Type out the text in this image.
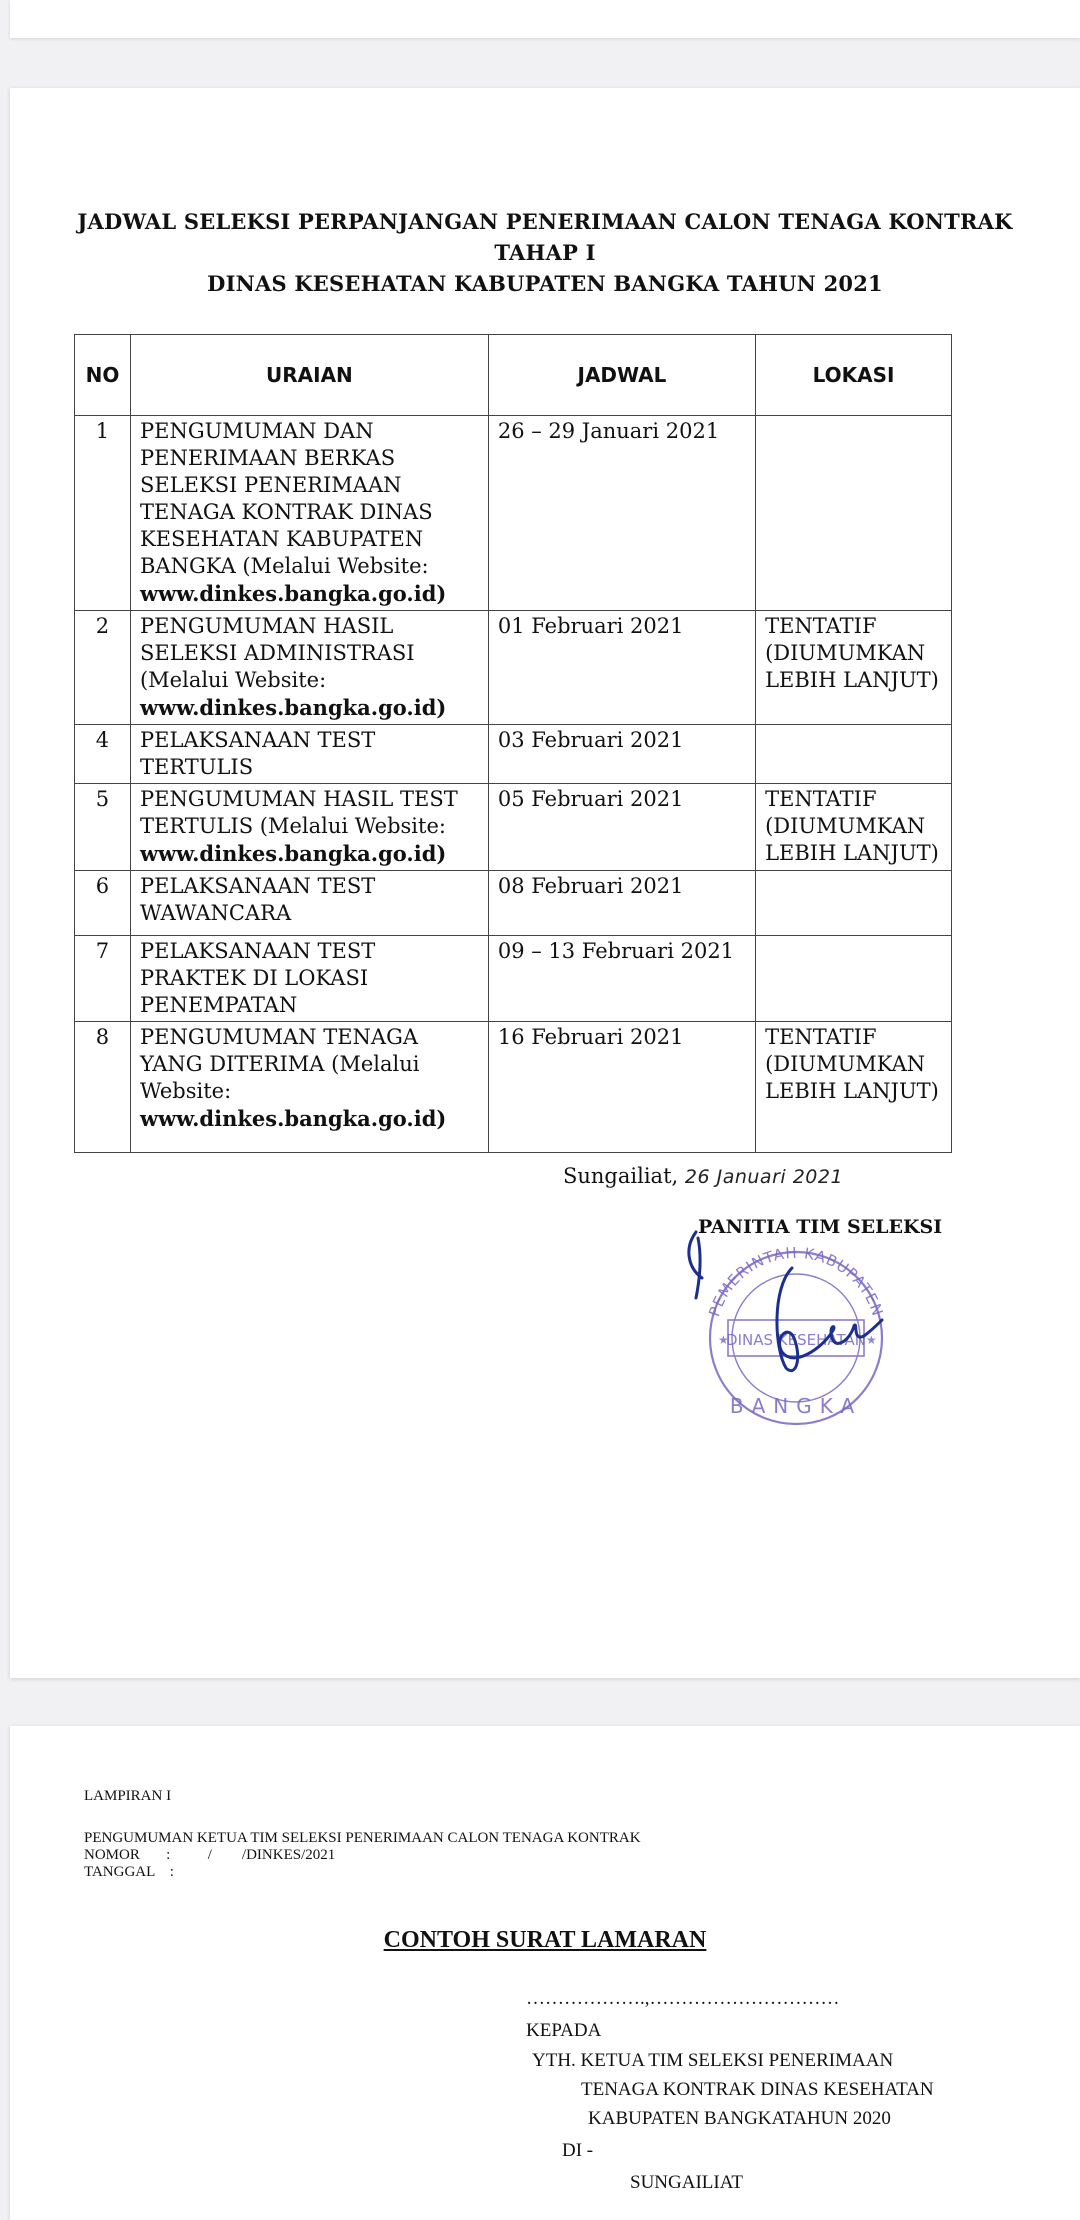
JADWAL SELEKSI PERPANJANGAN PENERIMAAN CALON TENAGA KONTRAK
TAHAP I
DINAS KESEHATAN KABUPATEN BANGKA TAHUN 2021
NO	URAIAN	JADWAL	LOKASI
1	PENGUMUMAN DAN PENERIMAAN BERKAS SELEKSI PENERIMAAN TENAGA KONTRAK DINAS KESEHATAN KABUPATEN BANGKA (Melalui Website:
www.dinkes.bangka.go.id)	26 – 29 Januari 2021	
2	PENGUMUMAN HASIL SELEKSI ADMINISTRASI (Melalui Website:
www.dinkes.bangka.go.id)	01 Februari 2021	TENTATIF (DIUMUMKAN LEBIH LANJUT)
4	PELAKSANAAN TEST TERTULIS	03 Februari 2021	
5	PENGUMUMAN HASIL TEST TERTULIS (Melalui Website:
www.dinkes.bangka.go.id)	05 Februari 2021	TENTATIF (DIUMUMKAN LEBIH LANJUT)
6	PELAKSANAAN TEST WAWANCARA	08 Februari 2021	
7	PELAKSANAAN TEST PRAKTEK DI LOKASI PENEMPATAN	09 – 13 Februari 2021	
8	PENGUMUMAN TENAGA YANG DITERIMA (Melalui Website:
www.dinkes.bangka.go.id)	16 Februari 2021	TENTATIF (DIUMUMKAN LEBIH LANJUT)
Sungailiat, 26 Januari 2021
PANITIA TIM SELEKSI
PEMERINTAH KABUPATEN
DINAS KESEHATAN
BANGKA
★	★
LAMPIRAN I
PENGUMUMAN KETUA TIM SELEKSI PENERIMAAN CALON TENAGA KONTRAK
NOMOR       :          /        /DINKES/2021
TANGGAL    :
CONTOH SURAT LAMARAN
……………….,…………………………
KEPADA
YTH. KETUA TIM SELEKSI PENERIMAAN
TENAGA KONTRAK DINAS KESEHATAN
KABUPATEN BANGKATAHUN 2020
DI -
SUNGAILIAT
